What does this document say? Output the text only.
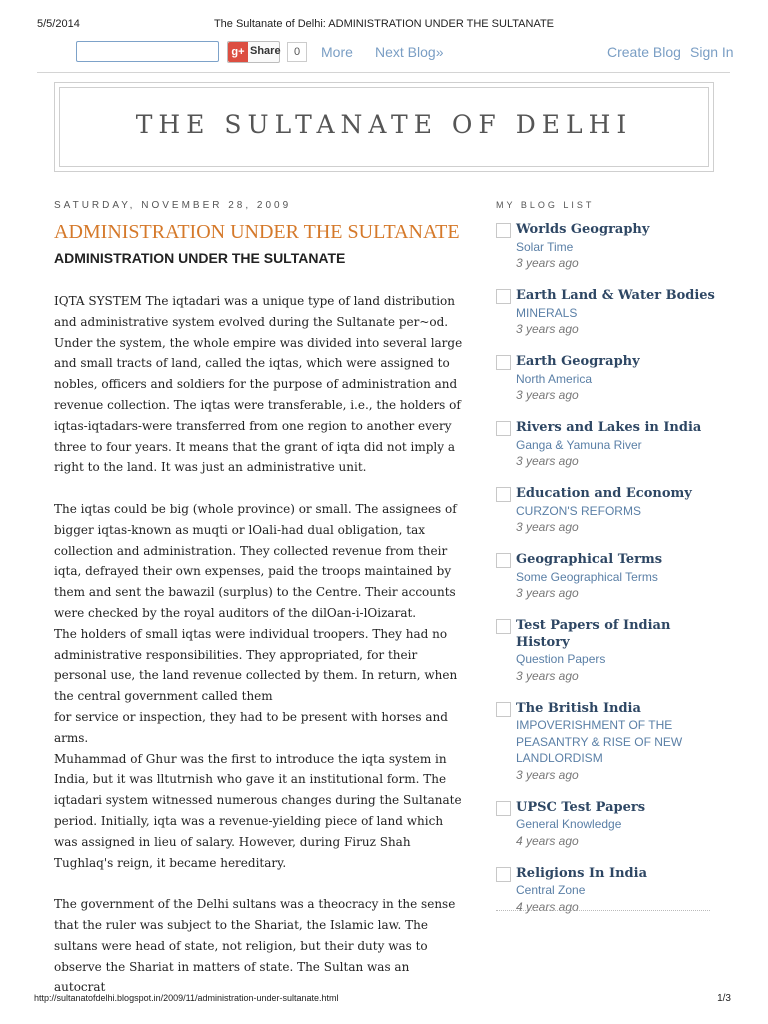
5/5/2014	The Sultanate of Delhi: ADMINISTRATION UNDER THE SULTANATE
g+ Share	0	More Next Blog»	Create Blog Sign In
THE SULTANATE OF DELHI
SATURDAY, NOVEMBER 28, 2009
ADMINISTRATION UNDER THE SULTANATE
ADMINISTRATION UNDER THE SULTANATE

IQTA SYSTEM The iqtadari was a unique type of land distribution and administrative system evolved during the Sultanate per~od. Under the system, the whole empire was divided into several large and small tracts of land, called the iqtas, which were assigned to nobles, officers and soldiers for the purpose of administration and revenue collection. The iqtas were transferable, i.e., the holders of iqtas-iqtadars-were transferred from one region to another every three to four years. It means that the grant of iqta did not imply a right to the land. It was just an administrative unit.

The iqtas could be big (whole province) or small. The assignees of bigger iqtas-known as muqti or lOali-had dual obligation, tax collection and administration. They collected revenue from their iqta, defrayed their own expenses, paid the troops maintained by them and sent the bawazil (surplus) to the Centre. Their accounts were checked by the royal auditors of the dilOan-i-lOizarat.

The holders of small iqtas were individual troopers. They had no administrative responsibilities. They appropriated, for their personal use, the land revenue collected by them. In return, when the central government called them

for service or inspection, they had to be present with horses and arms.

Muhammad of Ghur was the first to introduce the iqta system in India, but it was lltutrnish who gave it an institutional form. The iqtadari system witnessed numerous changes during the Sultanate period. Initially, iqta was a revenue-yielding piece of land which was assigned in lieu of salary. However, during Firuz Shah Tughlaq's reign, it became hereditary.

The government of the Delhi sultans was a theocracy in the sense that the ruler was subject to the Shariat, the Islamic law. The sultans were head of state, not religion, but their duty was to observe the Shariat in matters of state. The Sultan was an autocrat

MY BLOG LIST
Worlds Geography
Solar Time
3 years ago
Earth Land & Water Bodies
MINERALS
3 years ago
Earth Geography
North America
3 years ago
Rivers and Lakes in India
Ganga & Yamuna River
3 years ago
Education and Economy
CURZON'S REFORMS
3 years ago
Geographical Terms
Some Geographical Terms
3 years ago
Test Papers of Indian History
Question Papers
3 years ago
The British India
IMPOVERISHMENT OF THE PEASANTRY & RISE OF NEW LANDLORDISM
3 years ago
UPSC Test Papers
General Knowledge
4 years ago
Religions In India
Central Zone
4 years ago
http://sultanatofdelhi.blogspot.in/2009/11/administration-under-sultanate.html	1/3
